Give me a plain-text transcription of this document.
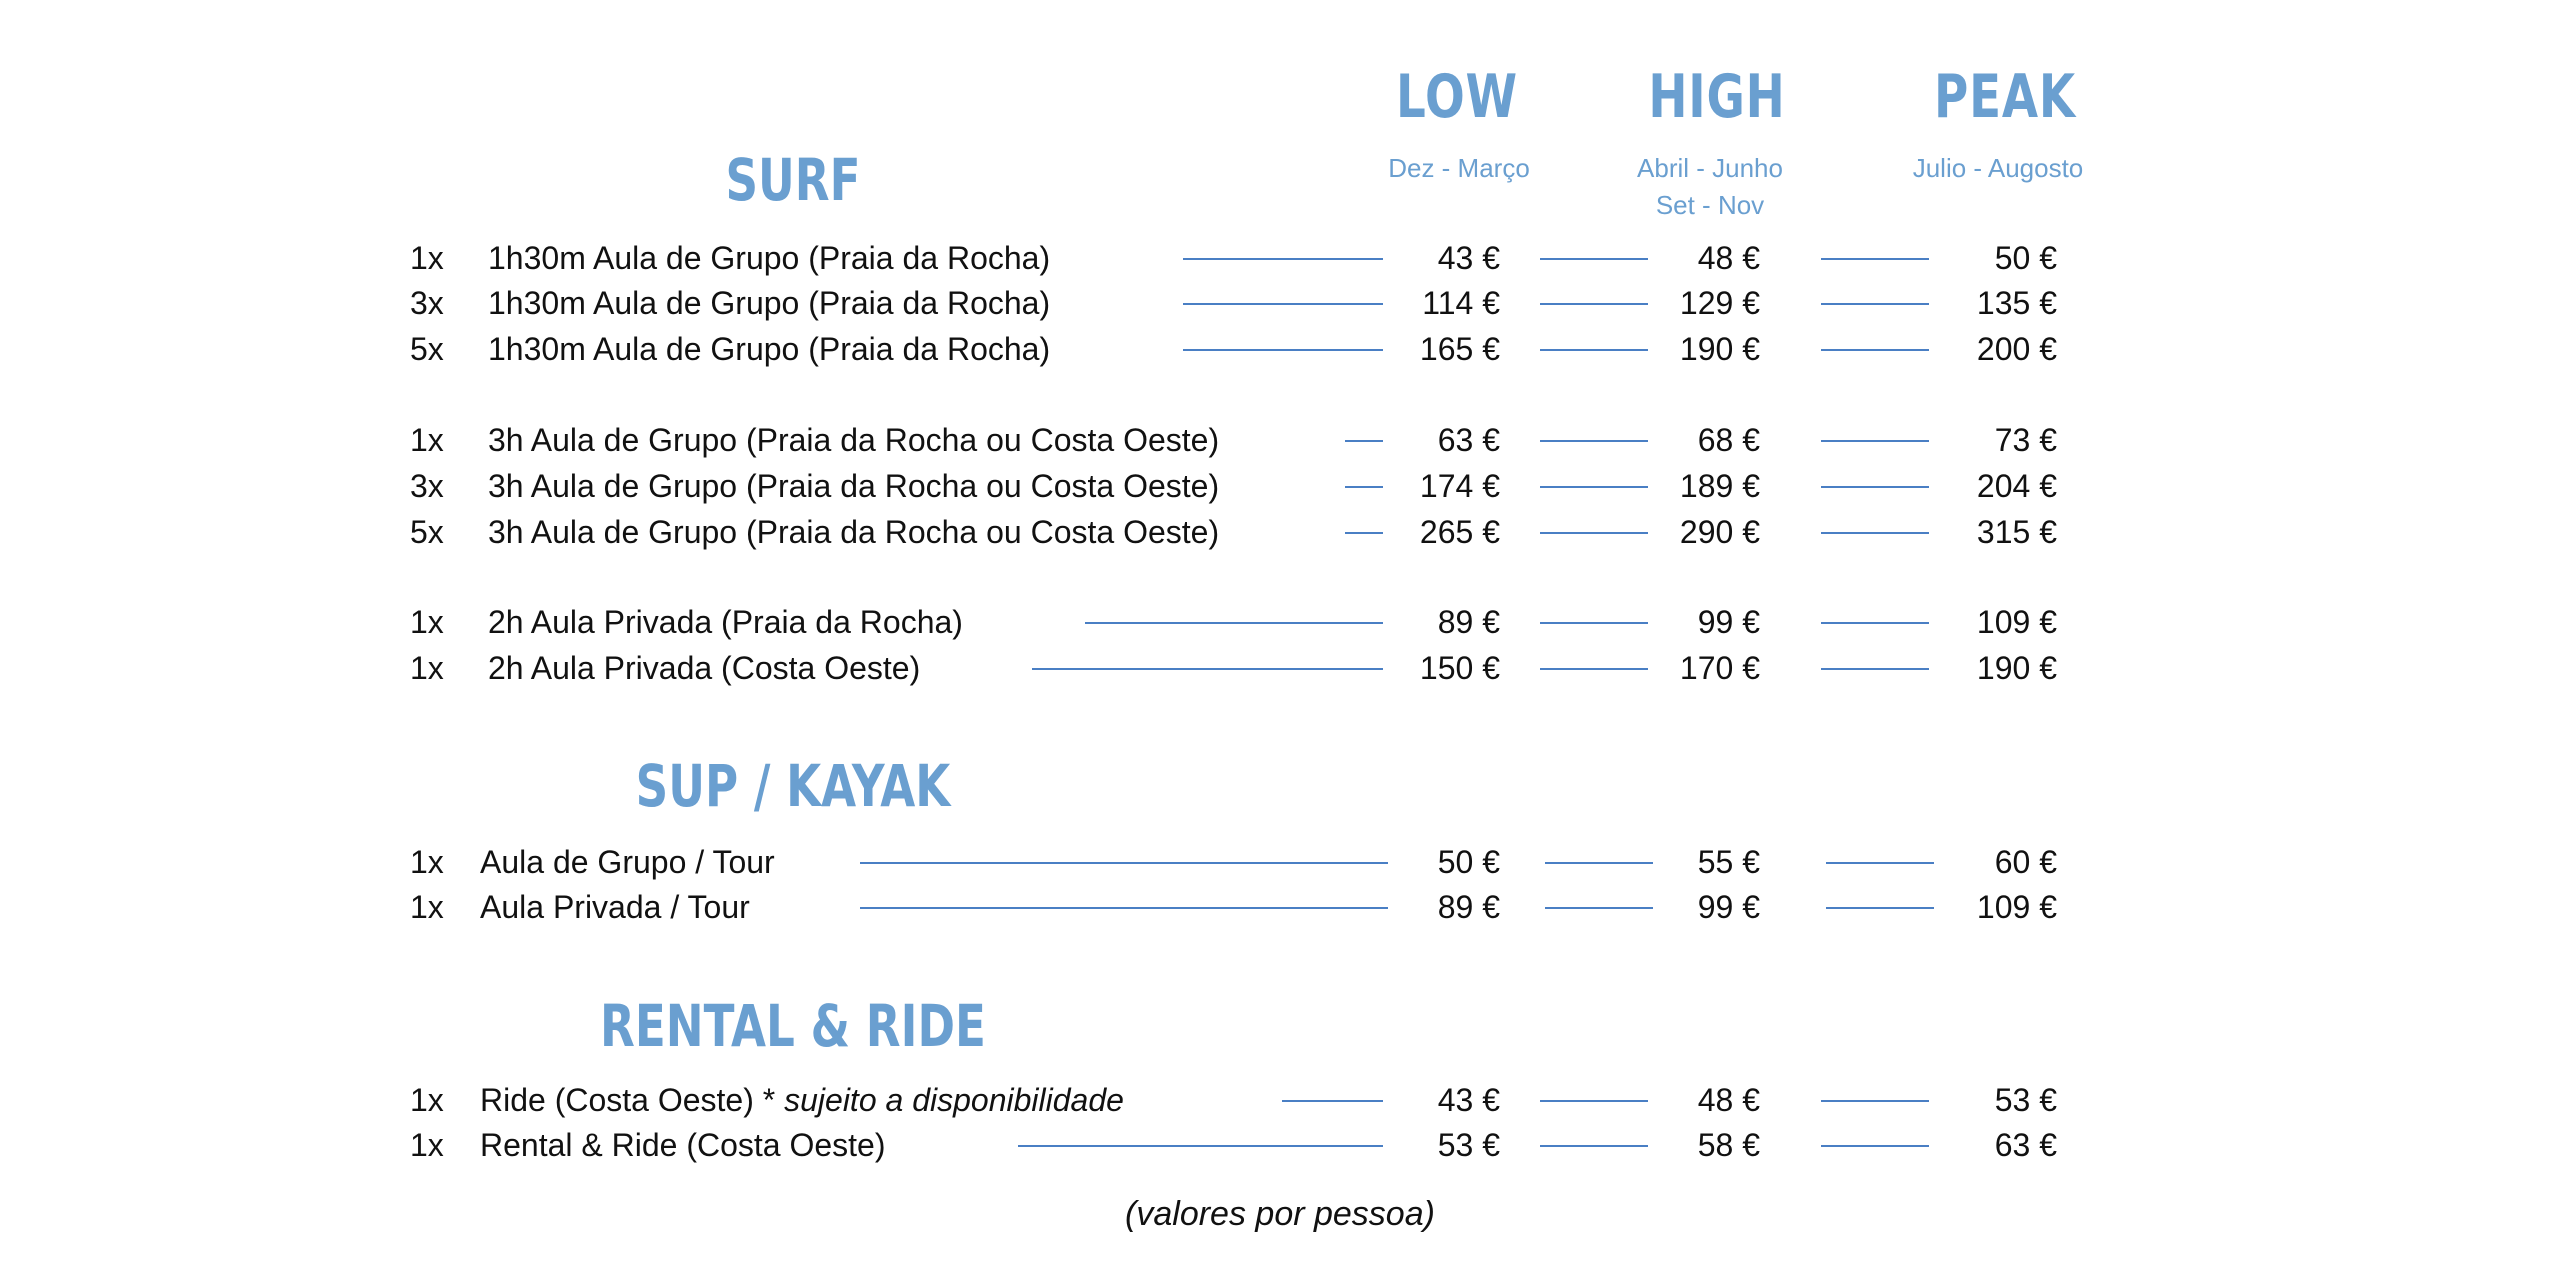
LOW
Dez - Março
HIGH
Abril - Junho
Set - Nov
PEAK
Julio - Augosto
SURF
1x 1h30m Aula de Grupo (Praia da Rocha)	43 €	48 €	50 €
3x 1h30m Aula de Grupo (Praia da Rocha)	114 €	129 €	135 €
5x 1h30m Aula de Grupo (Praia da Rocha)	165 €	190 €	200 €
1x 3h Aula de Grupo (Praia da Rocha ou Costa Oeste)	63 €	68 €	73 €
3x 3h Aula de Grupo (Praia da Rocha ou Costa Oeste)	174 €	189 €	204 €
5x 3h Aula de Grupo (Praia da Rocha ou Costa Oeste)	265 €	290 €	315 €
1x 2h Aula Privada (Praia da Rocha)	89 €	99 €	109 €
1x 2h Aula Privada (Costa Oeste)	150 €	170 €	190 €
SUP / KAYAK
1x Aula de Grupo / Tour	50 €	55 €	60 €
1x Aula Privada / Tour	89 €	99 €	109 €
RENTAL & RIDE
1x Ride (Costa Oeste) * sujeito a disponibilidade	43 €	48 €	53 €
1x Rental & Ride (Costa Oeste)	53 €	58 €	63 €
(valores por pessoa)
